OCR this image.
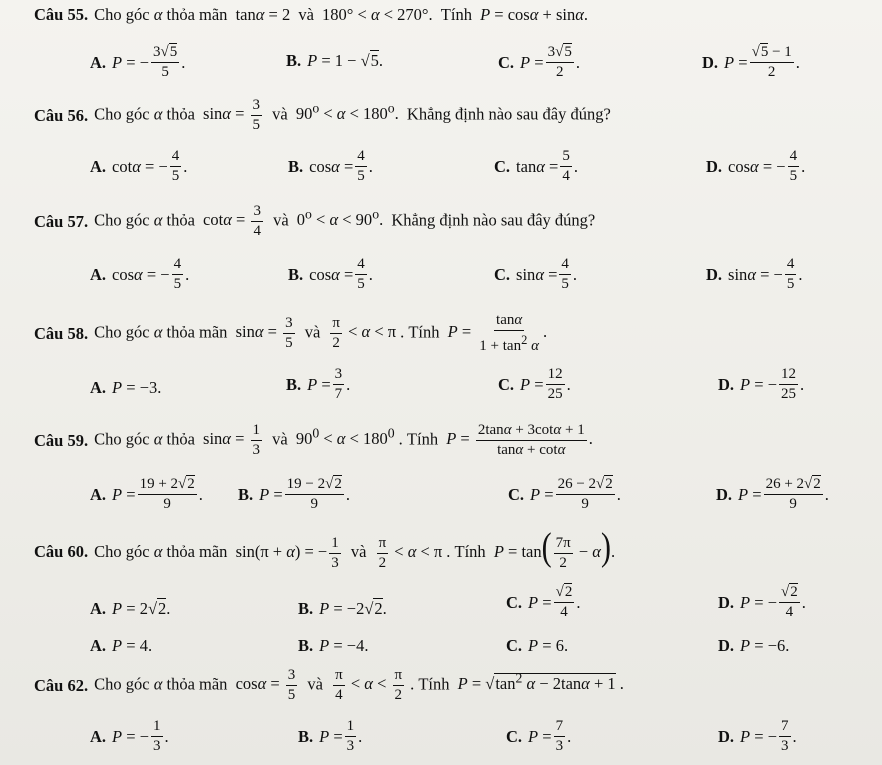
Câu 55. Cho góc α thỏa mãn tanα = 2 và 180° < α < 270°. Tính P = cosα + sinα.
A. P = − $\frac{3√5}{5}$ .	B. P = 1 − √ 5 .	C. $P = \frac{3√5}{2}$ .	D. $P = \frac{√5 - 1}{2}$ .
Câu 56. Cho góc α thỏa $\sin\alpha = \frac{3}{5}$ và $90^o < \alpha < 180^o$. Khẳng định nào sau đây đúng?
A. cot α = − $\frac{4}{5}$ .	B. $\cos \alpha = \frac{4}{5}$ .	C. $\tan \alpha = \frac{5}{4}$ .	D. cos α = − $\frac{4}{5}$ .
Câu 57. Cho góc α thỏa $\cot\alpha = \frac{3}{4}$ và $0^o < \alpha < 90^o$. Khẳng định nào sau đây đúng?
A. cos α = − $\frac{4}{5}$ .	B. $\cos \alpha = \frac{4}{5}$ .	C. $\sin \alpha = \frac{4}{5}$ .	D. sin α = − $\frac{4}{5}$ .
Câu 58. Cho góc α thỏa mãn $\sin\alpha = \frac{3}{5}$ và $\frac{\pi}{2} < \alpha < \pi$ . Tính $P = \frac{\tan\alpha}{1 + \tan^2 \alpha}$ .
A. P = −3.	B. $P = \frac{3}{7}$ .	C. $P = \frac{12}{25}$ .	D. P = − $\frac{12}{25}$ .
Câu 59. Cho góc α thỏa $\sin\alpha = \frac{1}{3}$ và $90^0 < \alpha < 180^0$ . Tính $P = \frac{2\tan\alpha + 3\cot\alpha + 1}{\tan\alpha + \cot\alpha}$ .
A. $P = \frac{19 + 2√2}{9}$ . B. $P = \frac{19 - 2√2}{9}$ .	C. $P = \frac{26 - 2√2}{9}$ .	D. $P = \frac{26 + 2√2}{9}$ .
Câu 60. Cho góc α thỏa mãn sin(π + α) = − $\frac{1}{3}$ và $\frac{\pi}{2} < \alpha < \pi$ . Tính $P = \tan( \frac{7\pi}{2} - \alpha)$.
A. P = 2√ 2 .	B. P = −2√ 2 .	C. $P = \frac{√2}{4}$ .	D. P = − $\frac{√2}{4}$ .
A. P = 4.	B. P = −4.	C. P = 6.	D. P = −6.
Câu 62. Cho góc α thỏa mãn $\cos\alpha = \frac{3}{5}$ và $\frac{\pi}{4} < \alpha < \frac{\pi}{2}$ . Tính $P = √\tan^2$ α − 2tanα + 1 .
A. P = − $\frac{1}{3}$ .	B. $P = \frac{1}{3}$ .	C. $P = \frac{7}{3}$ .	D. P = − $\frac{7}{3}$ .
